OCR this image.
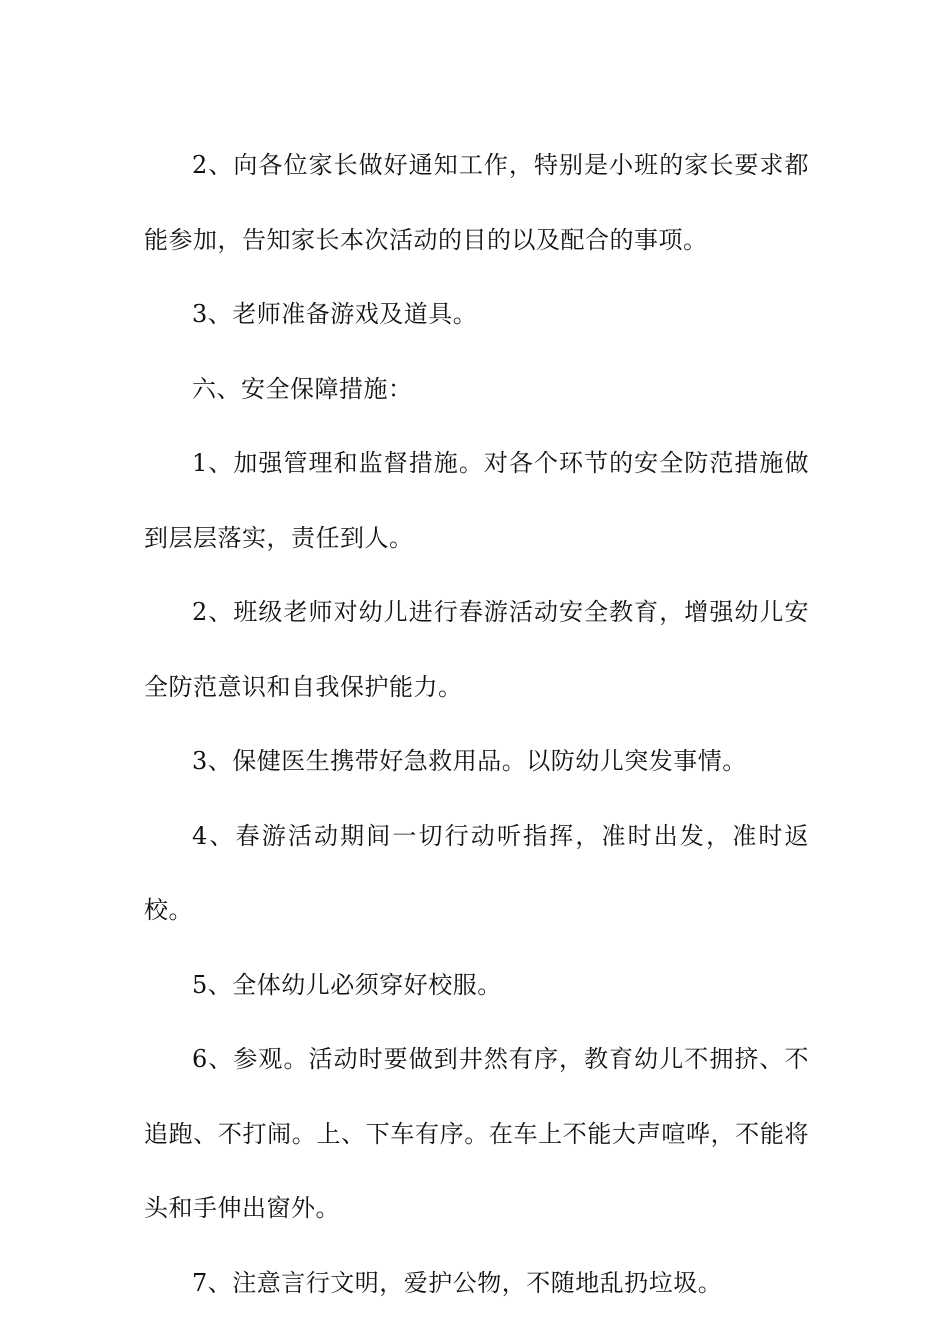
2、向各位家长做好通知工作，特别是小班的家长要求都能参加，告知家长本次活动的目的以及配合的事项。

3、老师准备游戏及道具。

六、安全保障措施：

1、加强管理和监督措施。对各个环节的安全防范措施做到层层落实，责任到人。

2、班级老师对幼儿进行春游活动安全教育，增强幼儿安全防范意识和自我保护能力。

3、保健医生携带好急救用品。以防幼儿突发事情。

4、春游活动期间一切行动听指挥，准时出发，准时返校。

5、全体幼儿必须穿好校服。

6、参观。活动时要做到井然有序，教育幼儿不拥挤、不追跑、不打闹。上、下车有序。在车上不能大声喧哗，不能将头和手伸出窗外。

7、注意言行文明，爱护公物，不随地乱扔垃圾。
